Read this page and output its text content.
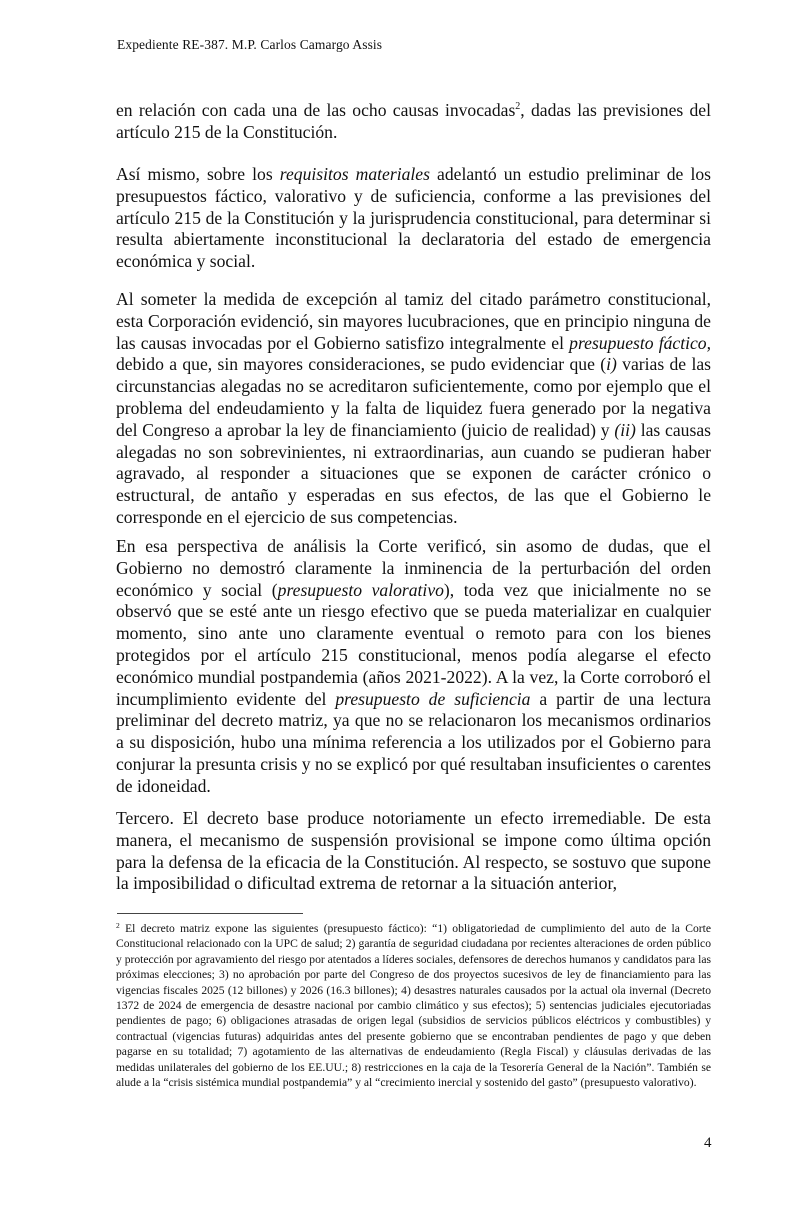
Expediente RE-387. M.P. Carlos Camargo Assis

en relación con cada una de las ocho causas invocadas$^2$, dadas las previsiones del artículo 215 de la Constitución.

Así mismo, sobre los requisitos materiales adelantó un estudio preliminar de los presupuestos fáctico, valorativo y de suficiencia, conforme a las previsiones del artículo 215 de la Constitución y la jurisprudencia constitucional, para determinar si resulta abiertamente inconstitucional la declaratoria del estado de emergencia económica y social.

Al someter la medida de excepción al tamiz del citado parámetro constitucional, esta Corporación evidenció, sin mayores lucubraciones, que en principio ninguna de las causas invocadas por el Gobierno satisfizo integralmente el presupuesto fáctico, debido a que, sin mayores consideraciones, se pudo evidenciar que (i) varias de las circunstancias alegadas no se acreditaron suficientemente, como por ejemplo que el problema del endeudamiento y la falta de liquidez fuera generado por la negativa del Congreso a aprobar la ley de financiamiento (juicio de realidad) y (ii) las causas alegadas no son sobrevinientes, ni extraordinarias, aun cuando se pudieran haber agravado, al responder a situaciones que se exponen de carácter crónico o estructural, de antaño y esperadas en sus efectos, de las que el Gobierno le corresponde en el ejercicio de sus competencias.

En esa perspectiva de análisis la Corte verificó, sin asomo de dudas, que el Gobierno no demostró claramente la inminencia de la perturbación del orden económico y social (presupuesto valorativo), toda vez que inicialmente no se observó que se esté ante un riesgo efectivo que se pueda materializar en cualquier momento, sino ante uno claramente eventual o remoto para con los bienes protegidos por el artículo 215 constitucional, menos podía alegarse el efecto económico mundial postpandemia (años 2021-2022). A la vez, la Corte corroboró el incumplimiento evidente del presupuesto de suficiencia a partir de una lectura preliminar del decreto matriz, ya que no se relacionaron los mecanismos ordinarios a su disposición, hubo una mínima referencia a los utilizados por el Gobierno para conjurar la presunta crisis y no se explicó por qué resultaban insuficientes o carentes de idoneidad.

Tercero. El decreto base produce notoriamente un efecto irremediable. De esta manera, el mecanismo de suspensión provisional se impone como última opción para la defensa de la eficacia de la Constitución. Al respecto, se sostuvo que supone la imposibilidad o dificultad extrema de retornar a la situación anterior,

$^2$ El decreto matriz expone las siguientes (presupuesto fáctico): “1) obligatoriedad de cumplimiento del auto de la Corte Constitucional relacionado con la UPC de salud; 2) garantía de seguridad ciudadana por recientes alteraciones de orden público y protección por agravamiento del riesgo por atentados a líderes sociales, defensores de derechos humanos y candidatos para las próximas elecciones; 3) no aprobación por parte del Congreso de dos proyectos sucesivos de ley de financiamiento para las vigencias fiscales 2025 (12 billones) y 2026 (16.3 billones); 4) desastres naturales causados por la actual ola invernal (Decreto 1372 de 2024 de emergencia de desastre nacional por cambio climático y sus efectos); 5) sentencias judiciales ejecutoriadas pendientes de pago; 6) obligaciones atrasadas de origen legal (subsidios de servicios públicos eléctricos y combustibles) y contractual (vigencias futuras) adquiridas antes del presente gobierno que se encontraban pendientes de pago y que deben pagarse en su totalidad; 7) agotamiento de las alternativas de endeudamiento (Regla Fiscal) y cláusulas derivadas de las medidas unilaterales del gobierno de los EE.UU.; 8) restricciones en la caja de la Tesorería General de la Nación”. También se alude a la “crisis sistémica mundial postpandemia” y al “crecimiento inercial y sostenido del gasto” (presupuesto valorativo).
4
